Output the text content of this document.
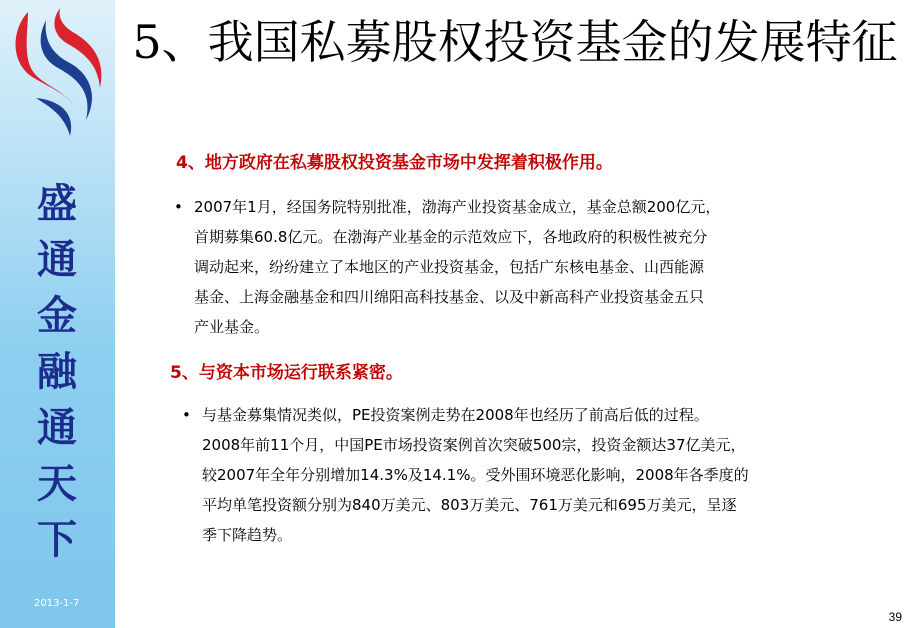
盛
通
金
融
通
天
下
2013-1-7
5、我国私募股权投资基金的发展特征
4、地方政府在私募股权投资基金市场中发挥着积极作用。
• 2007年1月，经国务院特别批准，渤海产业投资基金成立，基金总额200亿元，
首期募集60.8亿元。在渤海产业基金的示范效应下，各地政府的积极性被充分
调动起来，纷纷建立了本地区的产业投资基金，包括广东核电基金、山西能源
基金、上海金融基金和四川绵阳高科技基金、以及中新高科产业投资基金五只
产业基金。
5、与资本市场运行联系紧密。
• 与基金募集情况类似，PE投资案例走势在2008年也经历了前高后低的过程。
2008年前11个月，中国PE市场投资案例首次突破500宗，投资金额达37亿美元，
较2007年全年分别增加14.3%及14.1%。受外围环境恶化影响，2008年各季度的
平均单笔投资额分别为840万美元、803万美元、761万美元和695万美元，呈逐
季下降趋势。
39
